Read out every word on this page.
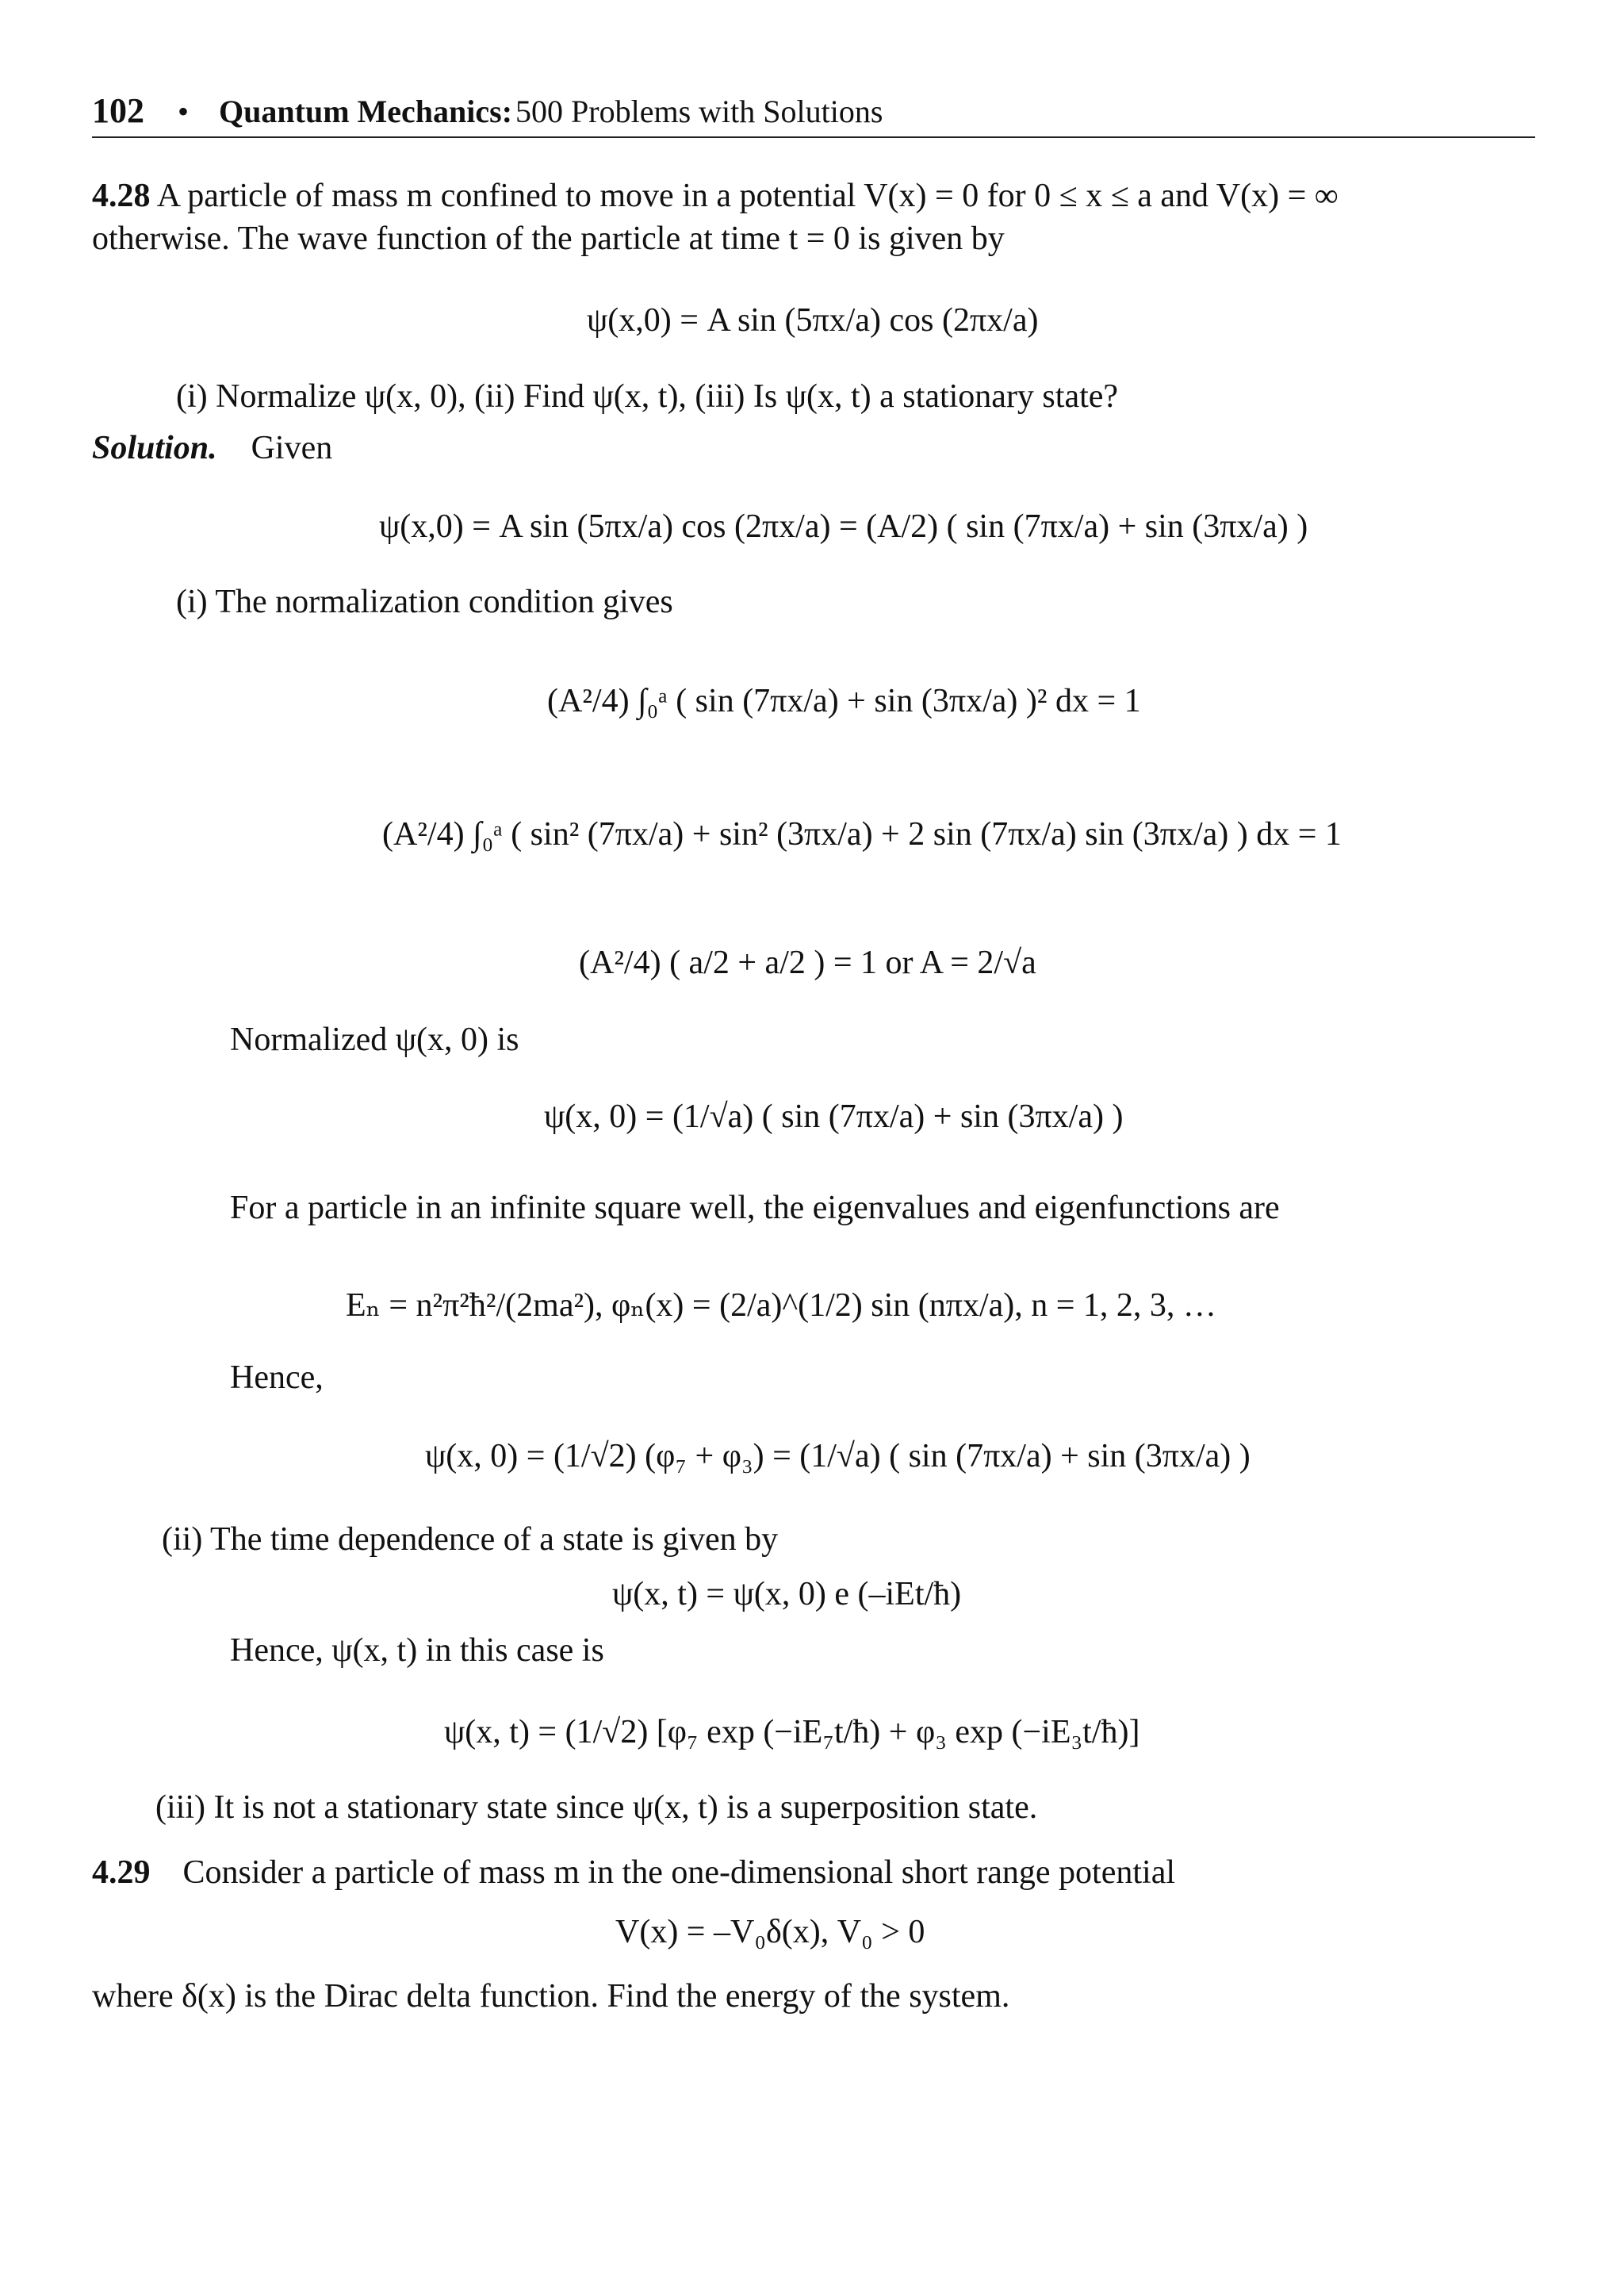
102 • Quantum Mechanics: 500 Problems with Solutions
4.28 A particle of mass m confined to move in a potential V(x) = 0 for 0 ≤ x ≤ a and V(x) = ∞
otherwise. The wave function of the particle at time t = 0 is given by
ψ(x,0) = A sin (5πx/a) cos (2πx/a)
(i) Normalize ψ(x, 0), (ii) Find ψ(x, t), (iii) Is ψ(x, t) a stationary state?
Solution. Given
ψ(x,0) = A sin (5πx/a) cos (2πx/a) = (A/2) ( sin (7πx/a) + sin (3πx/a) )
(i) The normalization condition gives
(A²/4) ∫₀ᵃ ( sin (7πx/a) + sin (3πx/a) )² dx = 1
(A²/4) ∫₀ᵃ ( sin² (7πx/a) + sin² (3πx/a) + 2 sin (7πx/a) sin (3πx/a) ) dx = 1
(A²/4) ( a/2 + a/2 ) = 1 or A = 2/√a
Normalized ψ(x, 0) is
ψ(x, 0) = (1/√a) ( sin (7πx/a) + sin (3πx/a) )
For a particle in an infinite square well, the eigenvalues and eigenfunctions are
Eₙ = n²π²ħ²/(2ma²), φₙ(x) = (2/a)^(1/2) sin (nπx/a), n = 1, 2, 3, …
Hence,
ψ(x, 0) = (1/√2) (φ₇ + φ₃) = (1/√a) ( sin (7πx/a) + sin (3πx/a) )
(ii) The time dependence of a state is given by
ψ(x, t) = ψ(x, 0) e (–iEt/ħ)
Hence, ψ(x, t) in this case is
ψ(x, t) = (1/√2) [φ₇ exp (−iE₇t/ħ) + φ₃ exp (−iE₃t/ħ)]
(iii) It is not a stationary state since ψ(x, t) is a superposition state.
4.29 Consider a particle of mass m in the one-dimensional short range potential
V(x) = –V₀δ(x), V₀ > 0
where δ(x) is the Dirac delta function. Find the energy of the system.
